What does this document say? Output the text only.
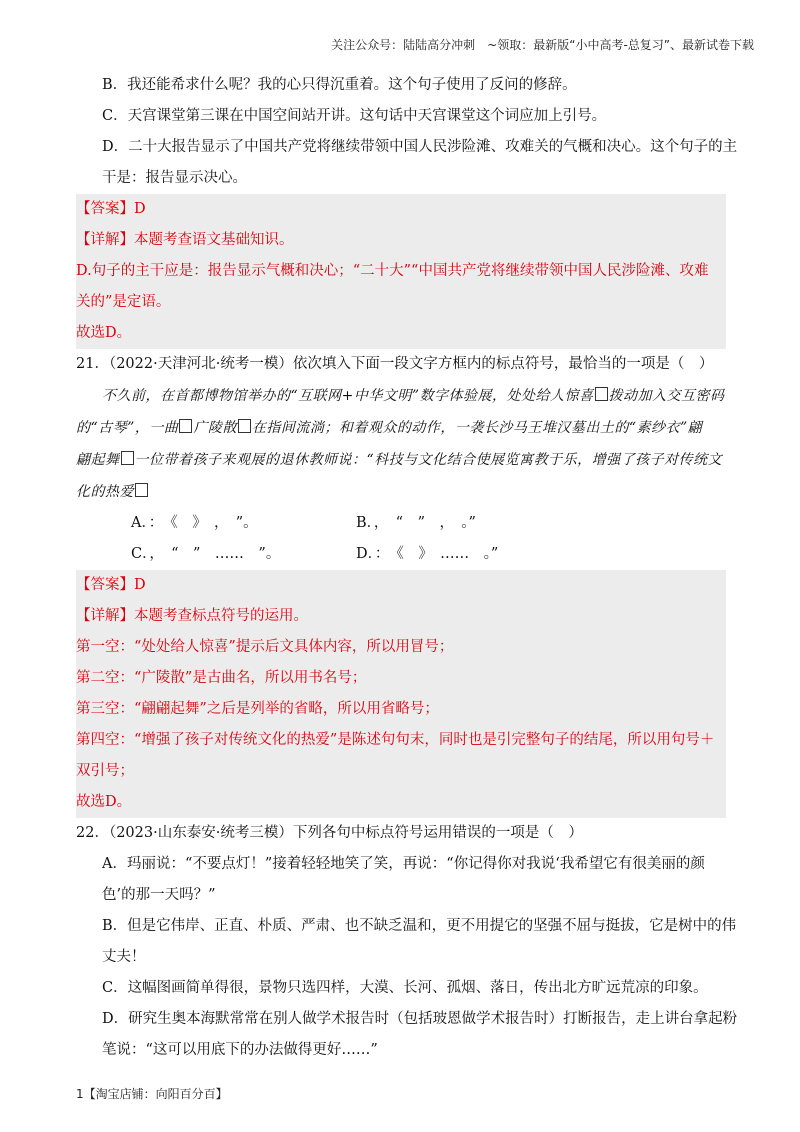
关注公众号：陆陆高分冲刺　~领取：最新版“小中高考-总复习”、最新试卷下载
B．我还能希求什么呢？我的心只得沉重着。这个句子使用了反问的修辞。
C．天宫课堂第三课在中国空间站开讲。这句话中天宫课堂这个词应加上引号。
D．二十大报告显示了中国共产党将继续带领中国人民涉险滩、攻难关的气概和决心。这个句子的主
干是：报告显示决心。
【答案】D
【详解】本题考查语文基础知识。
D.句子的主干应是：报告显示气概和决心；“二十大”“中国共产党将继续带领中国人民涉险滩、攻难
关的”是定语。
故选D。
21．（2022·天津河北·统考一模）依次填入下面一段文字方框内的标点符号，最恰当的一项是（　）
不久前，在首都博物馆举办的“互联网+中华文明”数字体验展，处处给人惊喜 拨动加入交互密码
的“古琴”，一曲 广陵散 在指间流淌；和着观众的动作，一袭长沙马王堆汉墓出土的“素纱衣”翩
翩起舞 一位带着孩子来观展的退休教师说：“科技与文化结合使展览寓教于乐，增强了孩子对传统文
化的热爱
A．：　《　》　，　”。	B．，　“　”　，　。”
C．，　“　”　……　”。	D．：　《　》　……　。”
【答案】D
【详解】本题考查标点符号的运用。
第一空：“处处给人惊喜”提示后文具体内容，所以用冒号；
第二空：“广陵散”是古曲名，所以用书名号；
第三空：“翩翩起舞”之后是列举的省略，所以用省略号；
第四空：“增强了孩子对传统文化的热爱”是陈述句句末，同时也是引完整句子的结尾，所以用句号＋
双引号；
故选D。
22．（2023·山东泰安·统考三模）下列各句中标点符号运用错误的一项是（　）
A．玛丽说：“不要点灯！”接着轻轻地笑了笑，再说：“你记得你对我说‘我希望它有很美丽的颜
色’的那一天吗？”
B．但是它伟岸、正直、朴质、严肃、也不缺乏温和，更不用提它的坚强不屈与挺拔，它是树中的伟
丈夫！
C．这幅图画简单得很，景物只选四样，大漠、长河、孤烟、落日，传出北方旷远荒凉的印象。
D．研究生奥本海默常常在别人做学术报告时（包括玻恩做学术报告时）打断报告，走上讲台拿起粉
笔说：“这可以用底下的办法做得更好……”
1【淘宝店铺：向阳百分百】
